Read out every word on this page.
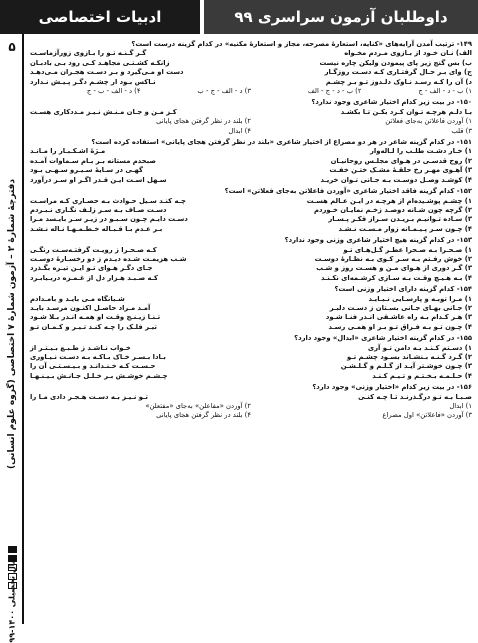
داوطلبان آزمون سراسری ۹۹
ادبیات اختصاصی
۵
دفترچهٔ شمارهٔ ۲ – آزمون شمارهٔ ۷ اختصاصی (گروه علوم انسانی)
سال تحصیلی ۱۴۰۰-۹۹
۱۴۹- ترتیب آمدن آرایه‌های «کنایه، استعارهٔ مصرحه، مجاز و استعارهٔ مکنیه» در کدام گزینه درست است؟
الف) نـان خـود از بـازوی مـردم مخـواه
گـر گـنـه تـو را بـازوی زورآزماسـت
ب) بس گنج زیر پای پیمودن ولیکن چاره نیست
زانکـه کشـتـی مجاهـد کـی رود بـی بادبـان
ج) وای بـر حـال گرفتـاری کـه دسـت روزگـار
دست او مـی‌گیرد و بـر دسـت هجـران مـی‌دهـد
د) آن را کـه رسـد نـاوک دلـدوز تـو بـر چشـم
نـاکس بـود ار چشـم دگـر پـیـش نـدارد
۱) ب - د - الف - ج
۲) ب - د - ج - الف
۳) د - الف - ج - ب
۴) د - الف - ب - ج
۱۵۰- در بیت زیر کدام اختیار شاعری وجود ندارد؟
بـا دلـم هرچـه تـوان کـرد بکـن تـا بکشـد
کـز مـن و جـان مـنـش نـیـز مـددکاری هسـت
۱) آوردن فاعلاتن به‌جای فعلاتن
۲) بلند در نظر گرفتن هجای پایانی
۳) قلب
۴) ابدال
۱۵۱- در کدام گزینه شاعر در هر دو مصراع از اختیار شاعری «بلند در نظر گرفتن هجای پایانی» استفاده کرده است؟
۱) خـار دشـت طلـب را لـاله‌وار
مـژهٔ اشـکـبـار را مـانـد
۲) روح قدسـی در هـوای مجلـس روحانیـان
صبحدم مستانه بـر بـام سـماوات آمـده
۳) آهـوی مهـر رخ حلقـهٔ مشـک ختـن خفـت
گهـی در سـایهٔ سـیـرو سـهـی بـود
۴) کوشـد وصـل دوسـت بـه جـانی تـوان خریـد
سـهل اسـت ایـن قـدر اگـر او سـر درآورد
۱۵۲- کدام گزینه فاقد اختیار شاعری «آوردن فاعلاتن به‌جای فعلاتن» است؟
۱) چشـم پوشـیده‌ام از هرچـه در ایـن عـالم هسـت
چـه کنـد سـیل حـوادث بـه حصـاری کـه مراسـت
۲) گرچه چون شـانه دوصـد زخـم نمایـان خـوردم
دسـت صـاف بـه سـر زلـف نگـاری نـبـردم
۳) سـاده تـوانیـم بـریـدن سـراز فکـر پـسـار
دسـت دایـم چـون سـبـو در زیـر سـر بایـسد مـرا
۴) چـون سـر پـیـمـانه زوار مـسـت نـشـد
بـر عـدم بـا قـبـاله خـطـمـهـا نـاله نـشـد
۱۵۳- در کدام گزینه هیچ اختیار شاعری وزنی وجود ندارد؟
۱) صـحـرا بـه صـحرا عطـر گـل‌هـای تـو
کـه صـحـرا ز رویـت گرفتـه‌سـت رنگـی
۲) خوش رفـتم بـه سـر کـوی بـه نظـارهٔ دوسـت
شـب هزیمـت شـده دیـدم ز دو رخسـارهٔ دوسـت
۳) گـر دوری از هـوای مـن و هسـت روز و شـب
جـای دگـر هـوای تـو ایـن تیـره بگـذرد
۴) بـه هـیـچ وقـت بـه سـازی کرشـمه‌ای نکـنـد
کـه صـبـد هـزار دل از غـمـزه دربـیابـرد
۱۵۴- کدام گزینه دارای اختیار وزنی است؟
۱) مـرا توبـه و پارسـایی نـبـایـد
شـبانگاه مـی بایـد و بامـدادم
۲) جـانی بهـای جـانی بسـتان ز دسـت دلبـر
آمـد مـراد حاصـل اکنـون مرسـد بایـد
۳) هـر کـدام بـه راه عاشـقی انـدر فنـا شـود
تـنـا زیـنـج وقـت او همـه انـدر بـلا شـود
۴) چـون تـو بـه فـراق تـو بـر او همـی رسـد
تیـر فلـک را چـه کنـد تـیـر و کـمـان تـو
۱۵۵- در کدام گزینه اختیار شاعری «ابدال» وجود دارد؟
۱) دسـتم کـنـد بـه دامن تـو آری
خـواب نـاشـد ز طـبـع بـیـتـر از
۲) گـرد گـنـه بـنشـاند بسـود چشـم تـو
بـادا بـسـر خـاک بـاکـه بـه دسـت نـیـاوری
۳) چـون خوشـتر آیـد از گـلـم و گـلـشـن
حـسـت کـه خـنـدانـد و بـیـسـتـی آن را
۴) حـلـمـه بـخـتـم و تـیـم کـنـد
چـشـم خوشـش بـر خـلـل جـانـش بـیـنـهـا
۱۵۶- در بیت زیر کدام «اختیار وزنی» وجود دارد؟
صـبـا بـه تـو درگـذرنـد تـا چـه کنـی
تـو نـیـز بـه دسـت هـجـر دادی مـا را
۱) ابدال
۲) آوردن «مفاعلن» به‌جای «مفتعلن»
۳) آوردن «فاعلاتن» اول مصراع
۴) بلند در نظر گرفتن هجای پایانی
